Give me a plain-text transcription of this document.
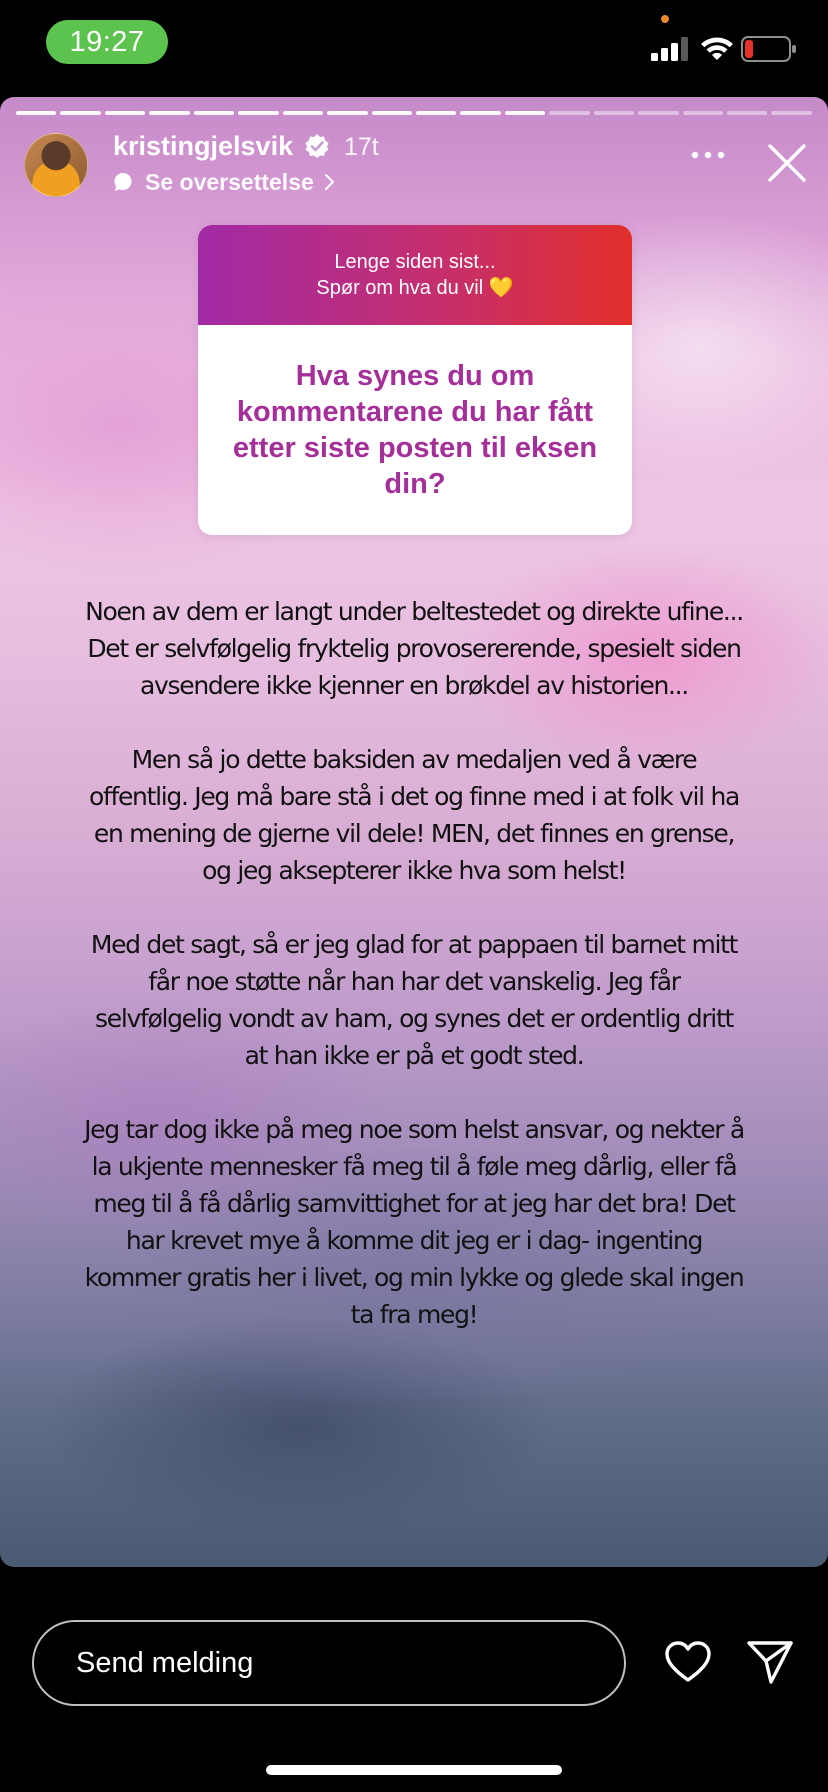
19:27
kristingjelsvik 17t
Se oversettelse
Lenge siden sist...
Spør om hva du vil 💛
Hva synes du om kommentarene du har fått etter siste posten til eksen din?

Noen av dem er langt under beltestedet og direkte ufine... Det er selvfølgelig fryktelig provosererende, spesielt siden avsendere ikke kjenner en brøkdel av historien...

Men så jo dette baksiden av medaljen ved å være offentlig. Jeg må bare stå i det og finne med i at folk vil ha en mening de gjerne vil dele! MEN, det finnes en grense, og jeg aksepterer ikke hva som helst!

Med det sagt, så er jeg glad for at pappaen til barnet mitt får noe støtte når han har det vanskelig. Jeg får selvfølgelig vondt av ham, og synes det er ordentlig dritt at han ikke er på et godt sted.

Jeg tar dog ikke på meg noe som helst ansvar, og nekter å la ukjente mennesker få meg til å føle meg dårlig, eller få meg til å få dårlig samvittighet for at jeg har det bra! Det har krevet mye å komme dit jeg er i dag- ingenting kommer gratis her i livet, og min lykke og glede skal ingen ta fra meg!

Send melding
